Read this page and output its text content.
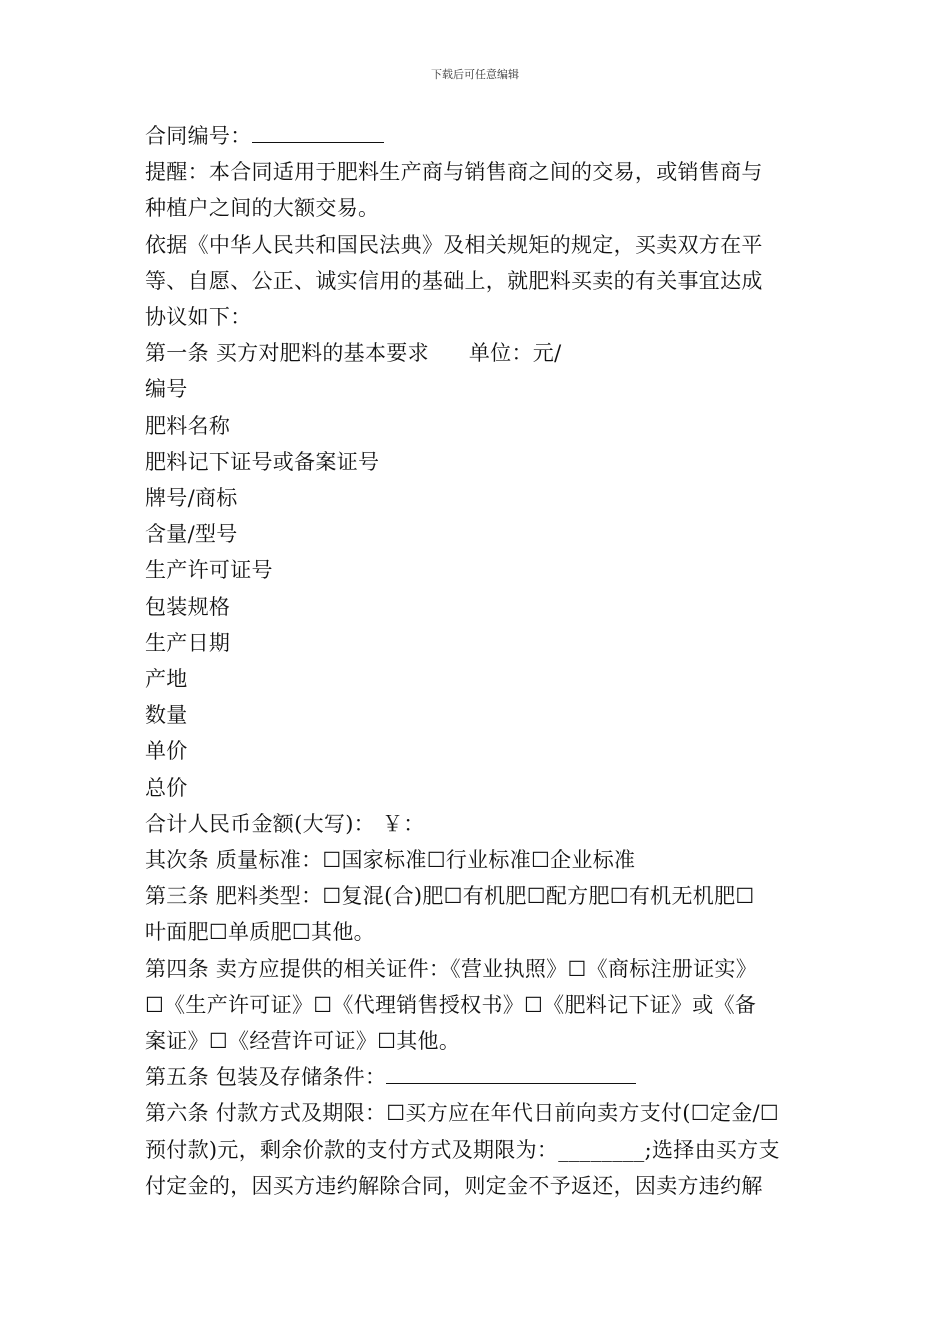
下载后可任意编辑
合同编号：
提醒：本合同适用于肥料生产商与销售商之间的交易，或销售商与
种植户之间的大额交易。
依据《中华人民共和国民法典》及相关规矩的规定，买卖双方在平
等、自愿、公正、诚实信用的基础上，就肥料买卖的有关事宜达成
协议如下：
第一条 买方对肥料的基本要求 单位：元/
编号
肥料名称
肥料记下证号或备案证号
牌号/商标
含量/型号
生产许可证号
包装规格
生产日期
产地
数量
单价
总价
合计人民币金额(大写)： ￥：
其次条 质量标准：☐国家标准☐行业标准☐企业标准
第三条 肥料类型：☐复混(合)肥☐有机肥☐配方肥☐有机无机肥☐
叶面肥☐单质肥☐其他。
第四条 卖方应提供的相关证件：《营业执照》☐《商标注册证实》
☐《生产许可证》☐《代理销售授权书》☐《肥料记下证》或《备
案证》☐《经营许可证》☐其他。
第五条 包装及存储条件：
第六条 付款方式及期限：☐买方应在年代日前向卖方支付(☐定金/☐
预付款)元，剩余价款的支付方式及期限为：________;选择由买方支
付定金的，因买方违约解除合同，则定金不予返还，因卖方违约解
